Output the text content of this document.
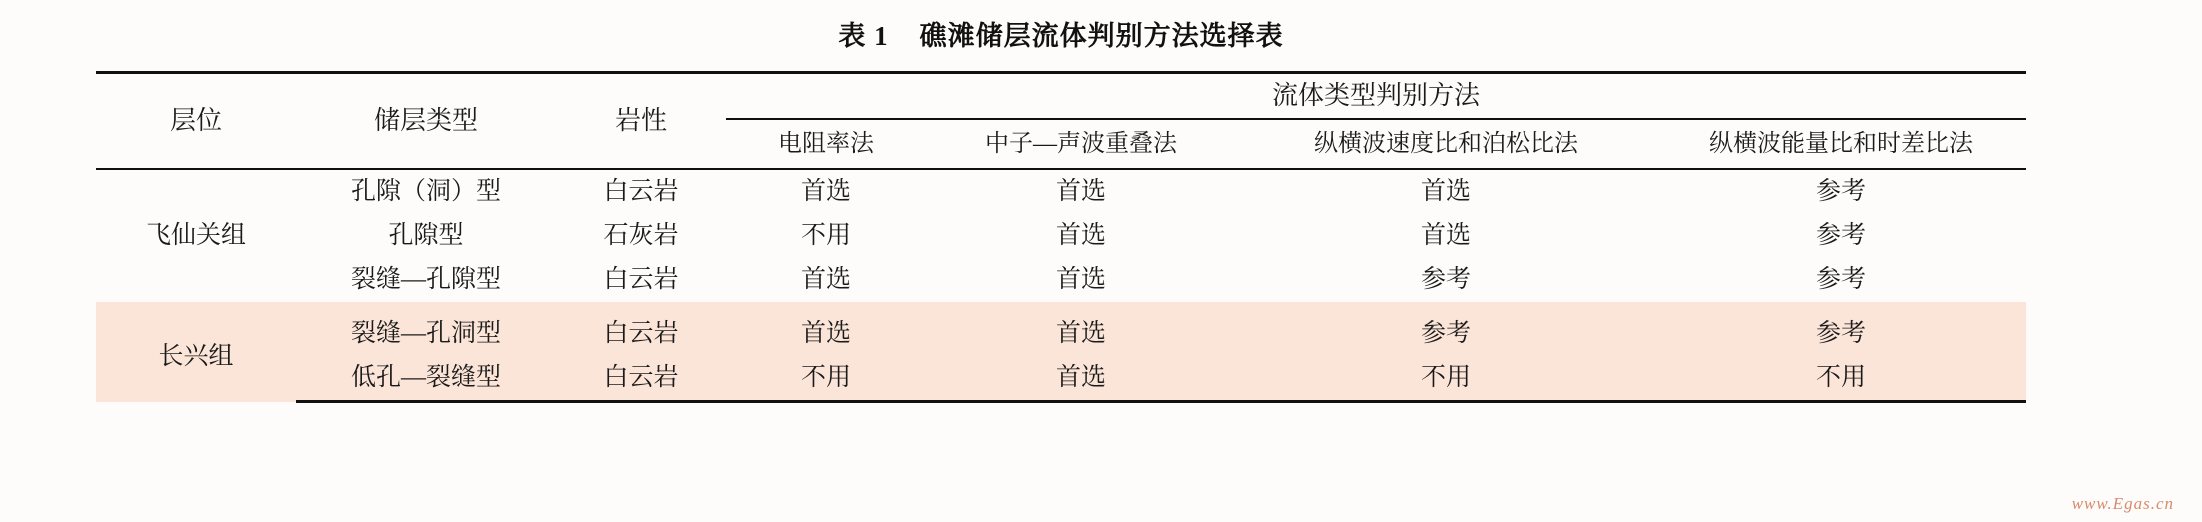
表 1 礁滩储层流体判别方法选择表
层位	储层类型	岩性	流体类型判别方法			
			电阻率法	中子—声波重叠法	纵横波速度比和泊松比法	纵横波能量比和时差比法
飞仙关组	孔隙（洞）型	白云岩	首选	首选	首选	参考
	孔隙型	石灰岩	不用	首选	首选	参考
	裂缝—孔隙型	白云岩	首选	首选	参考	参考

长兴组	裂缝—孔洞型	白云岩	首选	首选	参考	参考
	低孔—裂缝型	白云岩	不用	首选	不用	不用
www.Egas.cn
